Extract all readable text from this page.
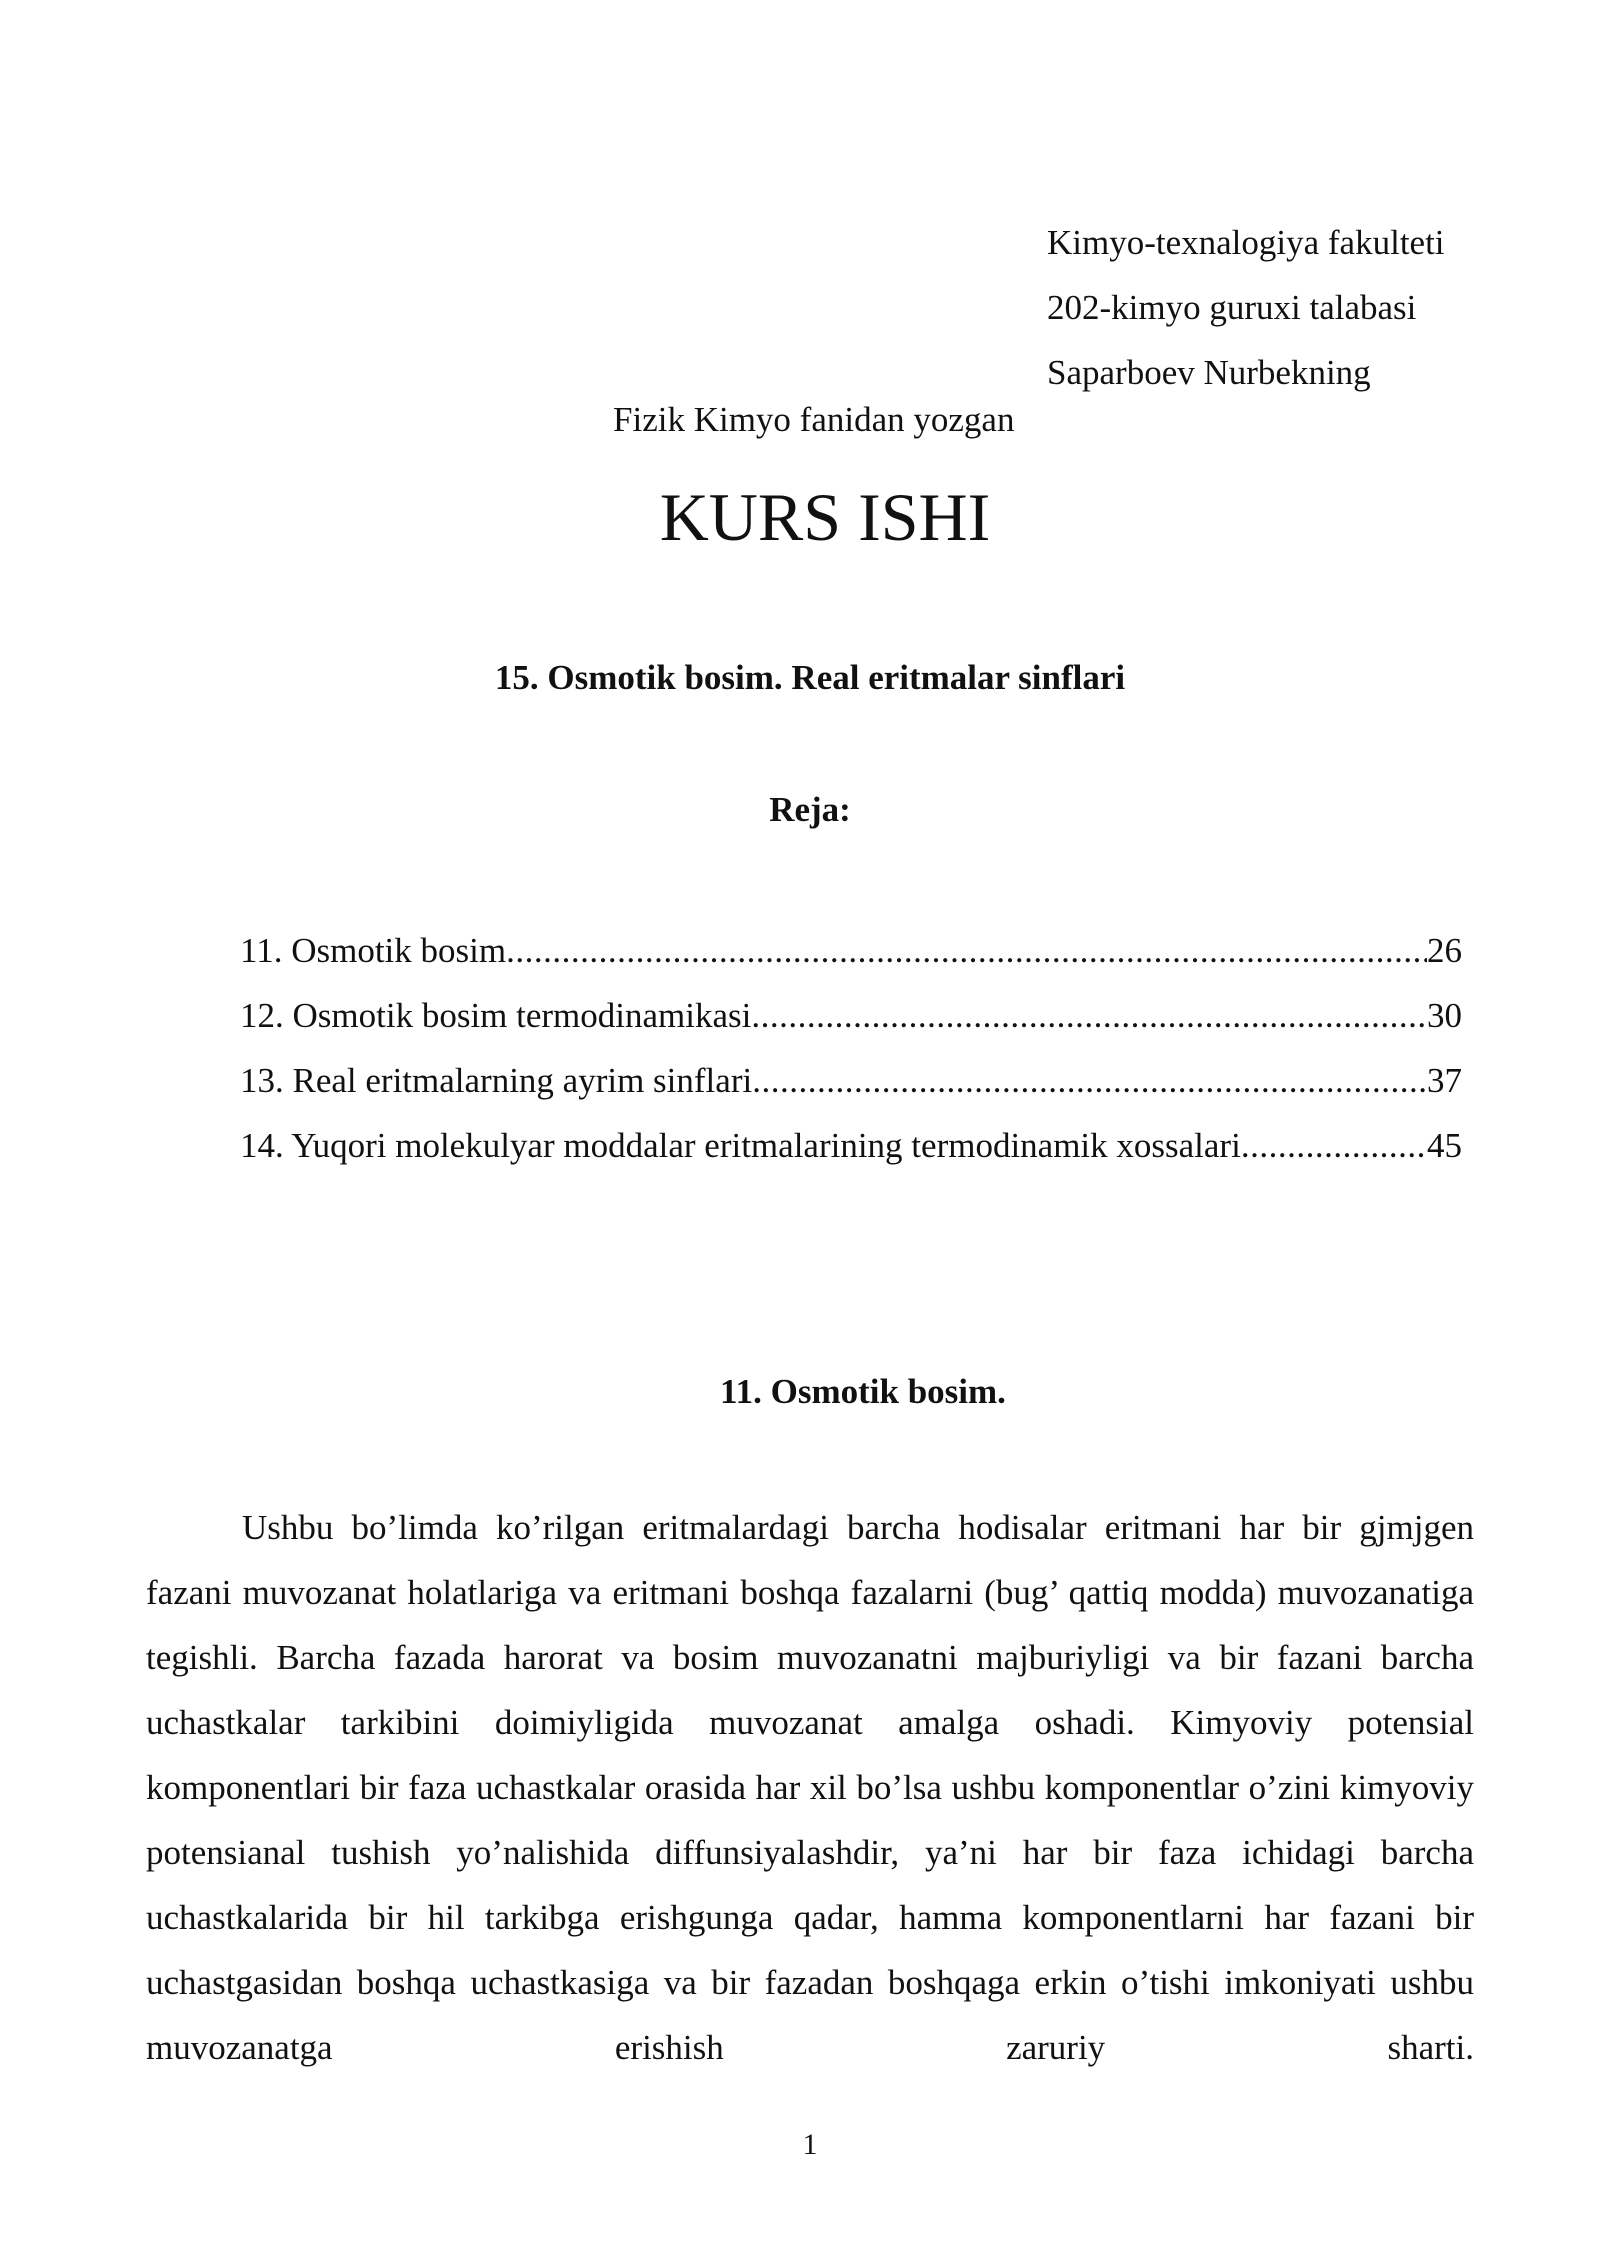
Kimyo-texnalogiya fakulteti
202-kimyo guruxi talabasi
Saparboev Nurbekning
Fizik Kimyo fanidan yozgan
KURS ISHI
15. Osmotik bosim. Real eritmalar sinflari
Reja:
11. Osmotik bosim .....	26
12. Osmotik bosim termodinamikasi .....	30
13. Real eritmalarning ayrim sinflari .....	37
14. Yuqori molekulyar moddalar eritmalarining termodinamik xossalari .....	45
11. Osmotik bosim.

Ushbu bo’limda ko’rilgan eritmalardagi barcha hodisalar eritmani har bir gjmjgen fazani muvozanat holatlariga va eritmani boshqa fazalarni (bug’ qattiq modda) muvozanatiga tegishli. Barcha fazada harorat va bosim muvozanatni majburiyligi va bir fazani barcha uchastkalar tarkibini doimiyligida muvozanat amalga oshadi. Kimyoviy potensial komponentlari bir faza uchastkalar orasida har xil bo’lsa ushbu komponentlar o’zini kimyoviy potensianal tushish yo’nalishida diffunsiyalashdir, ya’ni har bir faza ichidagi barcha uchastkalarida bir hil tarkibga erishgunga qadar, hamma komponentlarni har fazani bir uchastgasidan boshqa uchastkasiga va bir fazadan boshqaga erkin o’tishi imkoniyati ushbu muvozanatga erishish zaruriy sharti.

1
